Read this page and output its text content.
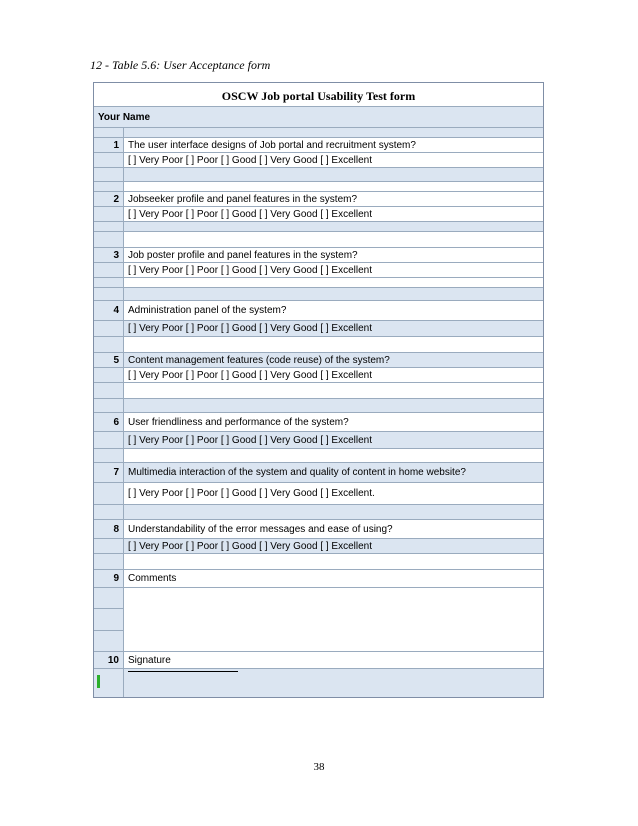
12 - Table 5.6: User Acceptance form
OSCW Job portal Usability Test form
Your Name
1 The user interface designs of Job portal and recruitment system?
[ ] Very Poor [ ] Poor [ ] Good [ ] Very Good [ ] Excellent
2 Jobseeker profile and panel features in the system?
[ ] Very Poor [ ] Poor [ ] Good [ ] Very Good [ ] Excellent
3 Job poster profile and panel features in the system?
[ ] Very Poor [ ] Poor [ ] Good [ ] Very Good [ ] Excellent
4 Administration panel of the system?
[ ] Very Poor [ ] Poor [ ] Good [ ] Very Good [ ] Excellent
5 Content management features (code reuse) of the system?
[ ] Very Poor [ ] Poor [ ] Good [ ] Very Good [ ] Excellent
6 User friendliness and performance of the system?
[ ] Very Poor [ ] Poor [ ] Good [ ] Very Good [ ] Excellent
7 Multimedia interaction of the system and quality of content in home website?
[ ] Very Poor [ ] Poor [ ] Good [ ] Very Good [ ] Excellent.
8 Understandability of the error messages and ease of using?
[ ] Very Poor [ ] Poor [ ] Good [ ] Very Good [ ] Excellent
9 Comments
10 Signature
38
